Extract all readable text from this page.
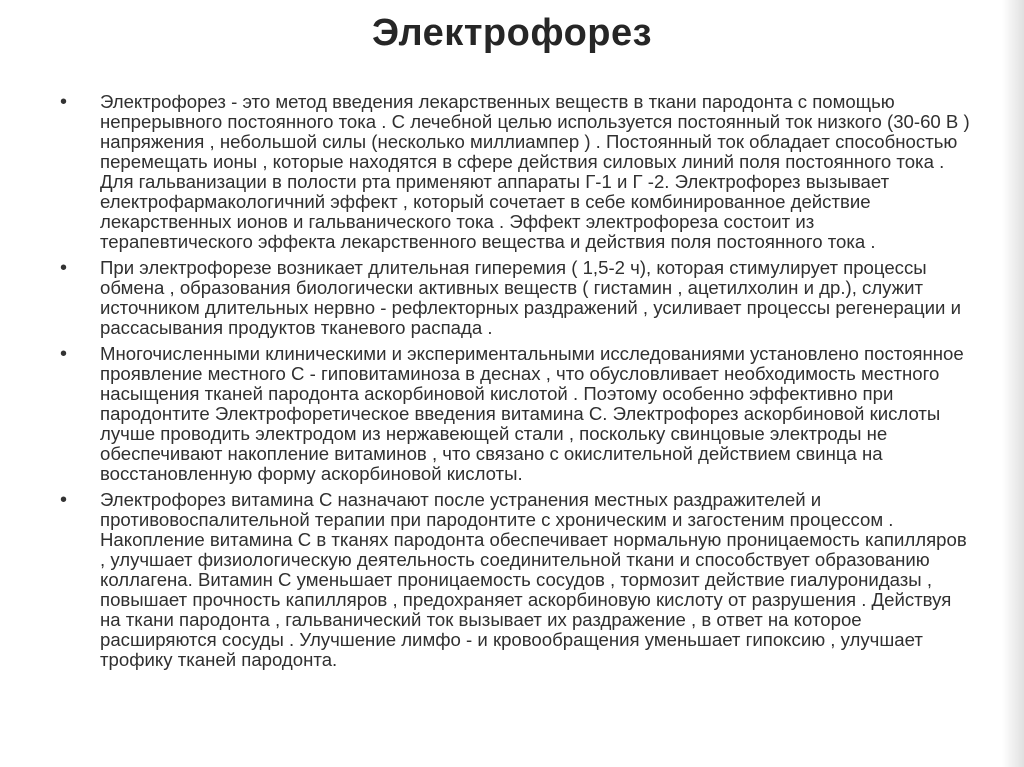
Электрофорез
• Электрофорез - это метод введения лекарственных веществ в ткани пародонта с помощью непрерывного постоянного тока . С лечебной целью используется постоянный ток низкого (30-60 В ) напряжения , небольшой силы (несколько миллиампер ) . Постоянный ток обладает способностью перемещать ионы , которые находятся в сфере действия силовых линий поля постоянного тока . Для гальванизации в полости рта применяют аппараты Г-1 и Г -2. Электрофорез вызывает електрофармакологичний эффект , который сочетает в себе комбинированное действие лекарственных ионов и гальванического тока . Эффект электрофореза состоит из терапевтического эффекта лекарственного вещества и действия поля постоянного тока .
• При электрофорезе возникает длительная гиперемия ( 1,5-2 ч), которая стимулирует процессы обмена , образования биологически активных веществ ( гистамин , ацетилхолин и др.), служит источником длительных нервно - рефлекторных раздражений , усиливает процессы регенерации и рассасывания продуктов тканевого распада .
• Многочисленными клиническими и экспериментальными исследованиями установлено постоянное проявление местного С - гиповитаминоза в деснах , что обусловливает необходимость местного насыщения тканей пародонта аскорбиновой кислотой . Поэтому особенно эффективно при пародонтите Электрофоретическое введения витамина С. Электрофорез аскорбиновой кислоты лучше проводить электродом из нержавеющей стали , поскольку свинцовые электроды не обеспечивают накопление витаминов , что связано с окислительной действием свинца на восстановленную форму аскорбиновой кислоты.
• Электрофорез витамина С назначают после устранения местных раздражителей и противовоспалительной терапии при пародонтите с хроническим и загостеним процессом . Накопление витамина С в тканях пародонта обеспечивает нормальную проницаемость капилляров , улучшает физиологическую деятельность соединительной ткани и способствует образованию коллагена. Витамин С уменьшает проницаемость сосудов , тормозит действие гиалуронидазы , повышает прочность капилляров , предохраняет аскорбиновую кислоту от разрушения . Действуя на ткани пародонта , гальванический ток вызывает их раздражение , в ответ на которое расширяются сосуды . Улучшение лимфо - и кровообращения уменьшает гипоксию , улучшает трофику тканей пародонта.
